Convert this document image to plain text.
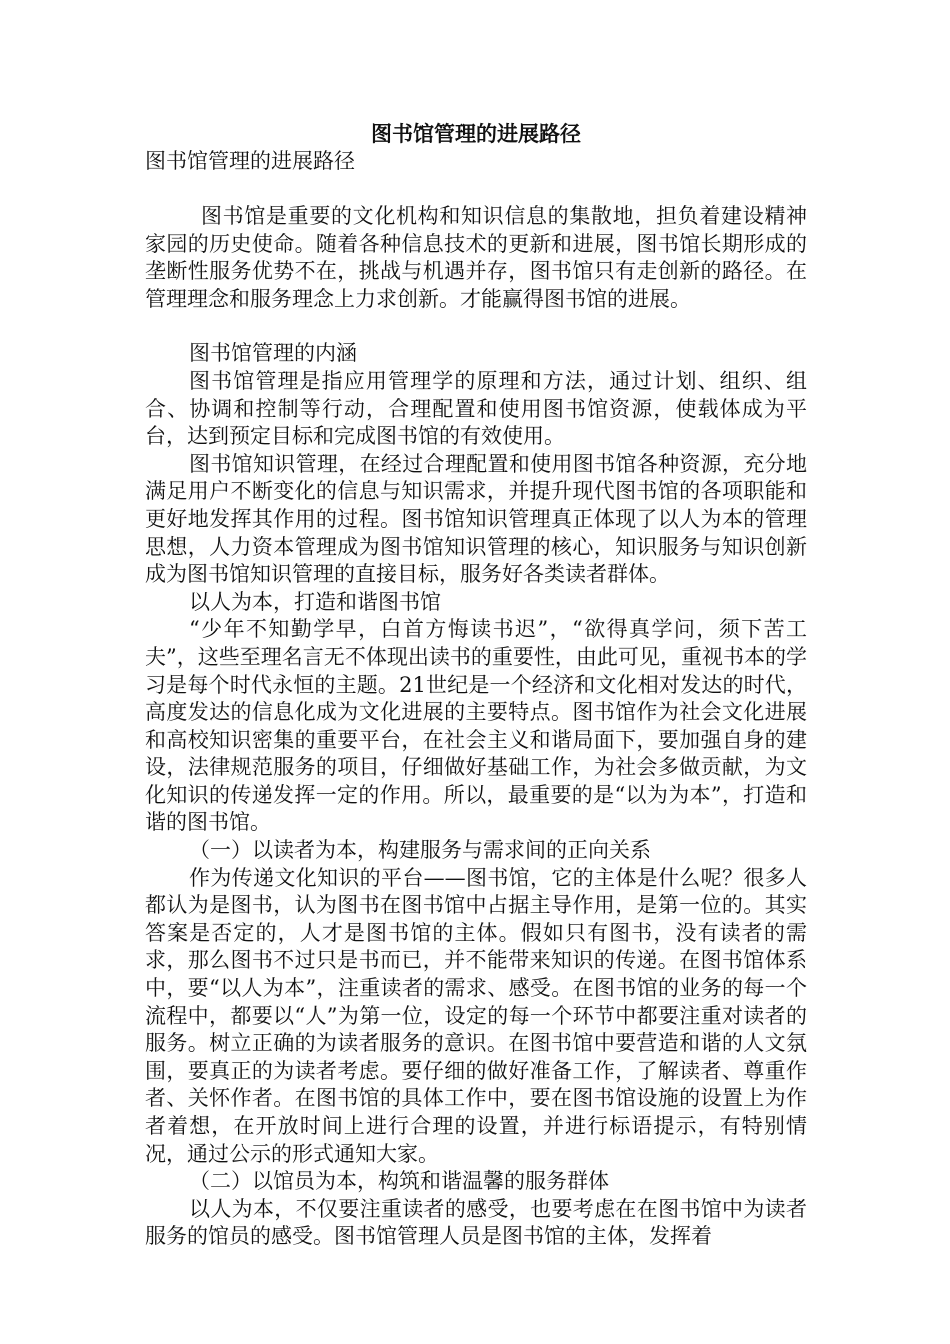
图书馆管理的进展路径

图书馆管理的进展路径

图书馆是重要的文化机构和知识信息的集散地，担负着建设精神家园的历史使命。随着各种信息技术的更新和进展，图书馆长期形成的垄断性服务优势不在，挑战与机遇并存，图书馆只有走创新的路径。在管理理念和服务理念上力求创新。才能赢得图书馆的进展。

图书馆管理的内涵

图书馆管理是指应用管理学的原理和方法，通过计划、组织、组合、协调和控制等行动，合理配置和使用图书馆资源，使载体成为平台，达到预定目标和完成图书馆的有效使用。

图书馆知识管理，在经过合理配置和使用图书馆各种资源，充分地满足用户不断变化的信息与知识需求，并提升现代图书馆的各项职能和更好地发挥其作用的过程。图书馆知识管理真正体现了以人为本的管理思想，人力资本管理成为图书馆知识管理的核心，知识服务与知识创新成为图书馆知识管理的直接目标，服务好各类读者群体。

以人为本，打造和谐图书馆

“少年不知勤学早，白首方悔读书迟”，“欲得真学问，须下苦工夫”，这些至理名言无不体现出读书的重要性，由此可见，重视书本的学习是每个时代永恒的主题。21世纪是一个经济和文化相对发达的时代，高度发达的信息化成为文化进展的主要特点。图书馆作为社会文化进展和高校知识密集的重要平台，在社会主义和谐局面下，要加强自身的建设，法律规范服务的项目，仔细做好基础工作，为社会多做贡献，为文化知识的传递发挥一定的作用。所以，最重要的是“以为为本”，打造和谐的图书馆。

（一）以读者为本，构建服务与需求间的正向关系

作为传递文化知识的平台——图书馆，它的主体是什么呢？很多人都认为是图书，认为图书在图书馆中占据主导作用，是第一位的。其实答案是否定的，人才是图书馆的主体。假如只有图书，没有读者的需求，那么图书不过只是书而已，并不能带来知识的传递。在图书馆体系中，要“以人为本”，注重读者的需求、感受。在图书馆的业务的每一个流程中，都要以“人”为第一位，设定的每一个环节中都要注重对读者的服务。树立正确的为读者服务的意识。在图书馆中要营造和谐的人文氛围，要真正的为读者考虑。要仔细的做好准备工作，了解读者、尊重作者、关怀作者。在图书馆的具体工作中，要在图书馆设施的设置上为作者着想，在开放时间上进行合理的设置，并进行标语提示，有特别情况，通过公示的形式通知大家。

（二）以馆员为本，构筑和谐温馨的服务群体

以人为本，不仅要注重读者的感受，也要考虑在在图书馆中为读者服务的馆员的感受。图书馆管理人员是图书馆的主体，发挥着
